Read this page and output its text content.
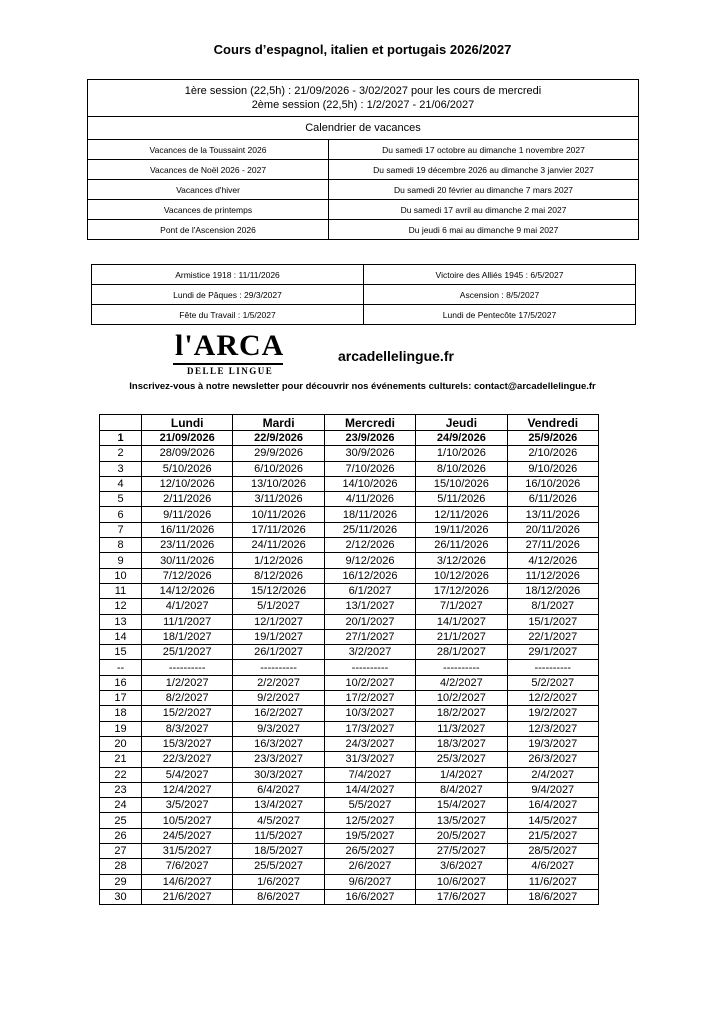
Cours d’espagnol, italien et portugais 2026/2027
1ère session (22,5h) : 21/09/2026 - 3/02/2027 pour les cours de mercredi
2ème session (22,5h) : 1/2/2027 - 21/06/2027	

Calendrier de vacances	
Vacances de la Toussaint 2026	Du samedi 17 octobre au dimanche 1 novembre 2027
Vacances de Noël 2026 - 2027	Du samedi 19 décembre 2026 au dimanche 3 janvier 2027
Vacances d'hiver	Du samedi 20 février au dimanche 7 mars 2027
Vacances de printemps	Du samedi 17 avril au dimanche 2 mai 2027
Pont de l'Ascension 2026	Du jeudi 6 mai au dimanche 9 mai 2027
Armistice 1918 : 11/11/2026	Victoire des Alliés 1945 : 6/5/2027
Lundi de Pâques : 29/3/2027	Ascension : 8/5/2027
Fête du Travail : 1/5/2027	Lundi de Pentecôte 17/5/2027
l'ARCA
DELLE LINGUE
arcadellelingue.fr
Inscrivez-vous à notre newsletter pour découvrir nos événements culturels: contact@arcadellelingue.fr
	Lundi	Mardi	Mercredi	Jeudi	Vendredi
1	21/09/2026	22/9/2026	23/9/2026	24/9/2026	25/9/2026
2	28/09/2026	29/9/2026	30/9/2026	1/10/2026	2/10/2026
3	5/10/2026	6/10/2026	7/10/2026	8/10/2026	9/10/2026
4	12/10/2026	13/10/2026	14/10/2026	15/10/2026	16/10/2026
5	2/11/2026	3/11/2026	4/11/2026	5/11/2026	6/11/2026
6	9/11/2026	10/11/2026	18/11/2026	12/11/2026	13/11/2026
7	16/11/2026	17/11/2026	25/11/2026	19/11/2026	20/11/2026
8	23/11/2026	24/11/2026	2/12/2026	26/11/2026	27/11/2026
9	30/11/2026	1/12/2026	9/12/2026	3/12/2026	4/12/2026
10	7/12/2026	8/12/2026	16/12/2026	10/12/2026	11/12/2026
11	14/12/2026	15/12/2026	6/1/2027	17/12/2026	18/12/2026
12	4/1/2027	5/1/2027	13/1/2027	7/1/2027	8/1/2027
13	11/1/2027	12/1/2027	20/1/2027	14/1/2027	15/1/2027
14	18/1/2027	19/1/2027	27/1/2027	21/1/2027	22/1/2027
15	25/1/2027	26/1/2027	3/2/2027	28/1/2027	29/1/2027
--	----------	----------	----------	----------	----------
16	1/2/2027	2/2/2027	10/2/2027	4/2/2027	5/2/2027
17	8/2/2027	9/2/2027	17/2/2027	10/2/2027	12/2/2027
18	15/2/2027	16/2/2027	10/3/2027	18/2/2027	19/2/2027
19	8/3/2027	9/3/2027	17/3/2027	11/3/2027	12/3/2027
20	15/3/2027	16/3/2027	24/3/2027	18/3/2027	19/3/2027
21	22/3/2027	23/3/2027	31/3/2027	25/3/2027	26/3/2027
22	5/4/2027	30/3/2027	7/4/2027	1/4/2027	2/4/2027
23	12/4/2027	6/4/2027	14/4/2027	8/4/2027	9/4/2027
24	3/5/2027	13/4/2027	5/5/2027	15/4/2027	16/4/2027
25	10/5/2027	4/5/2027	12/5/2027	13/5/2027	14/5/2027
26	24/5/2027	11/5/2027	19/5/2027	20/5/2027	21/5/2027
27	31/5/2027	18/5/2027	26/5/2027	27/5/2027	28/5/2027
28	7/6/2027	25/5/2027	2/6/2027	3/6/2027	4/6/2027
29	14/6/2027	1/6/2027	9/6/2027	10/6/2027	11/6/2027
30	21/6/2027	8/6/2027	16/6/2027	17/6/2027	18/6/2027
